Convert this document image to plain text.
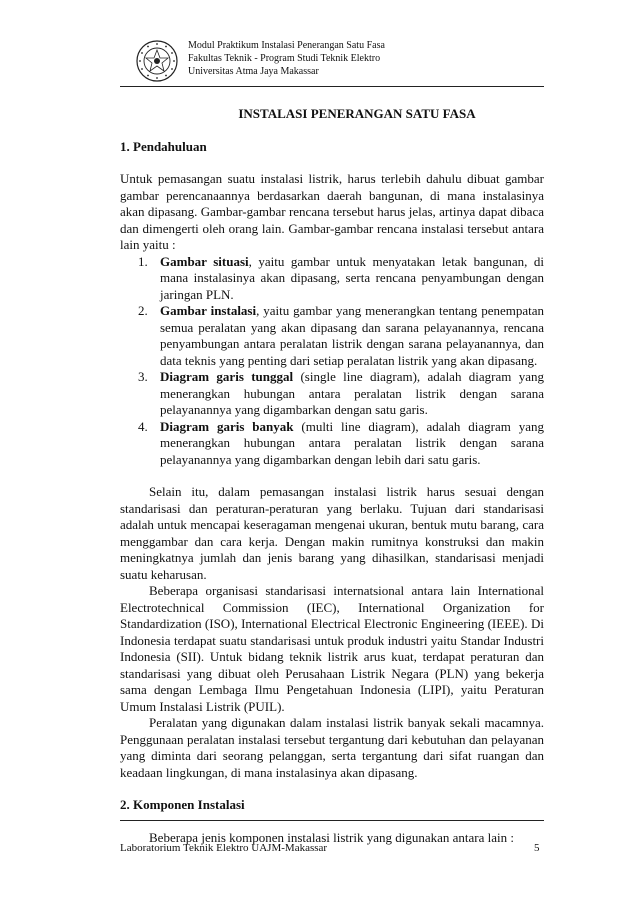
Modul Praktikum Instalasi Penerangan Satu Fasa
Fakultas Teknik - Program Studi Teknik Elektro
Universitas Atma Jaya Makassar
INSTALASI PENERANGAN SATU FASA
1. Pendahuluan

Untuk pemasangan suatu instalasi listrik, harus terlebih dahulu dibuat gambar gambar perencanaannya berdasarkan daerah bangunan, di mana instalasinya akan dipasang. Gambar-gambar rencana tersebut harus jelas, artinya dapat dibaca dan dimengerti oleh orang lain. Gambar-gambar rencana instalasi tersebut antara lain yaitu :

1. Gambar situasi, yaitu gambar untuk menyatakan letak bangunan, di mana instalasinya akan dipasang, serta rencana penyambungan dengan jaringan PLN.
2. Gambar instalasi, yaitu gambar yang menerangkan tentang penempatan semua peralatan yang akan dipasang dan sarana pelayanannya, rencana penyambungan antara peralatan listrik dengan sarana pelayanannya, dan data teknis yang penting dari setiap peralatan listrik yang akan dipasang.
3. Diagram garis tunggal (single line diagram), adalah diagram yang menerangkan hubungan antara peralatan listrik dengan sarana pelayanannya yang digambarkan dengan satu garis.
4. Diagram garis banyak (multi line diagram), adalah diagram yang menerangkan hubungan antara peralatan listrik dengan sarana pelayanannya yang digambarkan dengan lebih dari satu garis.

Selain itu, dalam pemasangan instalasi listrik harus sesuai dengan standarisasi dan peraturan-peraturan yang berlaku. Tujuan dari standarisasi adalah untuk mencapai keseragaman mengenai ukuran, bentuk mutu barang, cara menggambar dan cara kerja. Dengan makin rumitnya konstruksi dan makin meningkatnya jumlah dan jenis barang yang dihasilkan, standarisasi menjadi suatu keharusan.

Beberapa organisasi standarisasi internatsional antara lain International Electrotechnical Commission (IEC), International Organization for Standardization (ISO), International Electrical Electronic Engineering (IEEE). Di Indonesia terdapat suatu standarisasi untuk produk industri yaitu Standar Industri Indonesia (SII). Untuk bidang teknik listrik arus kuat, terdapat peraturan dan standarisasi yang dibuat oleh Perusahaan Listrik Negara (PLN) yang bekerja sama dengan Lembaga Ilmu Pengetahuan Indonesia (LIPI), yaitu Peraturan Umum Instalasi Listrik (PUIL).

Peralatan yang digunakan dalam instalasi listrik banyak sekali macamnya. Penggunaan peralatan instalasi tersebut tergantung dari kebutuhan dan pelayanan yang diminta dari seorang pelanggan, serta tergantung dari sifat ruangan dan keadaan lingkungan, di mana instalasinya akan dipasang.

2. Komponen Instalasi

Beberapa jenis komponen instalasi listrik yang digunakan antara lain :

Laboratorium Teknik Elektro UAJM-Makassar	5
